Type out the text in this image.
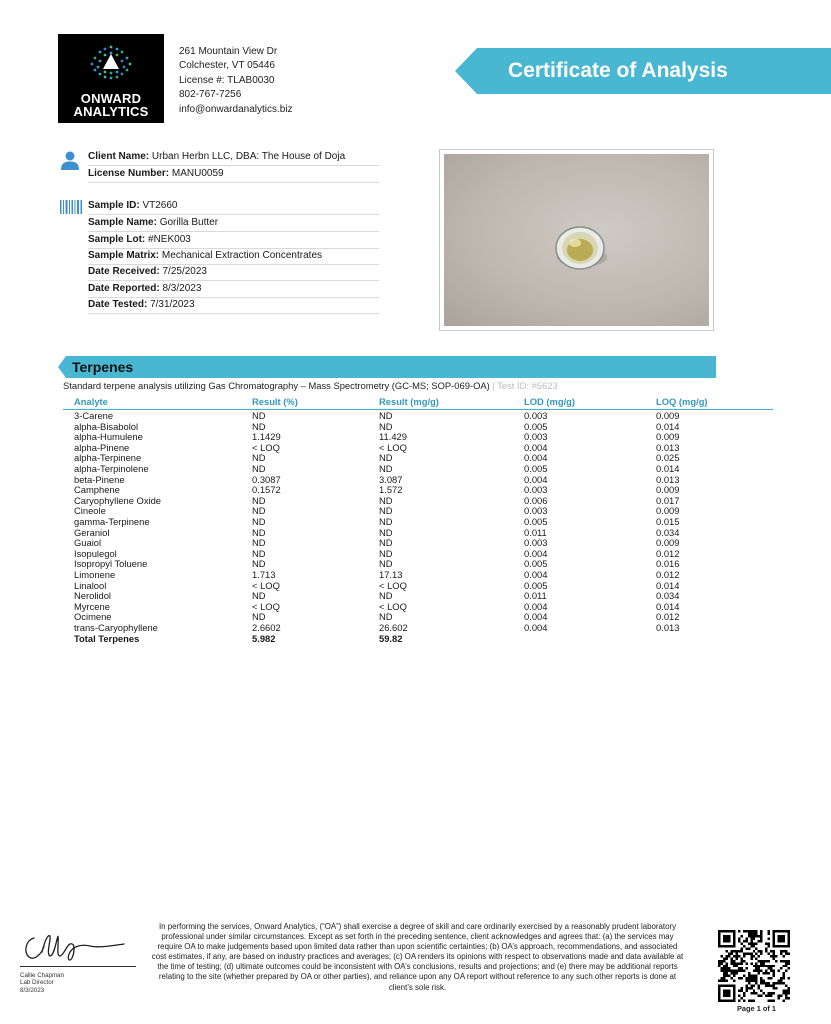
ONWARD
ANALYTICS
261 Mountain View Dr
Colchester, VT 05446
License #: TLAB0030
802-767-7256
info@onwardanalytics.biz
Certificate of Analysis
Client Name: Urban Herbn LLC, DBA: The House of Doja
License Number: MANU0059
Sample ID: VT2660
Sample Name: Gorilla Butter
Sample Lot: #NEK003
Sample Matrix: Mechanical Extraction Concentrates
Date Received: 7/25/2023
Date Reported: 8/3/2023
Date Tested: 7/31/2023
Terpenes
Standard terpene analysis utilizing Gas Chromatography – Mass Spectrometry (GC-MS; SOP-069-OA) | Test ID: #5623
Analyte	Result (%)	Result (mg/g)	LOD (mg/g)	LOQ (mg/g)
3-Carene	ND	ND	0.003	0.009
alpha-Bisabolol	ND	ND	0.005	0.014
alpha-Humulene	1.1429	11.429	0.003	0.009
alpha-Pinene	< LOQ	< LOQ	0.004	0.013
alpha-Terpinene	ND	ND	0.004	0.025
alpha-Terpinolene	ND	ND	0.005	0.014
beta-Pinene	0.3087	3.087	0.004	0.013
Camphene	0.1572	1.572	0.003	0.009
Caryophyllene Oxide	ND	ND	0.006	0.017
Cineole	ND	ND	0.003	0.009
gamma-Terpinene	ND	ND	0.005	0.015
Geraniol	ND	ND	0.011	0.034
Guaiol	ND	ND	0.003	0.009
Isopulegol	ND	ND	0.004	0.012
Isopropyl Toluene	ND	ND	0.005	0.016
Limonene	1.713	17.13	0.004	0.012
Linalool	< LOQ	< LOQ	0.005	0.014
Nerolidol	ND	ND	0.011	0.034
Myrcene	< LOQ	< LOQ	0.004	0.014
Ocimene	ND	ND	0.004	0.012
trans-Caryophyllene	2.6602	26.602	0.004	0.013
Total Terpenes	5.982	59.82
Callie Chapman
Lab Director
8/3/2023
In performing the services, Onward Analytics, (“OA”) shall exercise a degree of skill and care ordinarily exercised by a reasonably prudent laboratory professional under similar circumstances. Except as set forth in the preceding sentence, client acknowledges and agrees that: (a) the services may require OA to make judgements based upon limited data rather than upon scientific certainties; (b) OA’s approach, recommendations, and associated cost estimates, if any, are based on industry practices and averages; (c) OA renders its opinions with respect to observations made and data available at the time of testing; (d) ultimate outcomes could be inconsistent with OA’s conclusions, results and projections; and (e) there may be additional reports relating to the site (whether prepared by OA or other parties), and reliance upon any OA report without reference to any such other reports is done at client’s sole risk.
Page 1 of 1
